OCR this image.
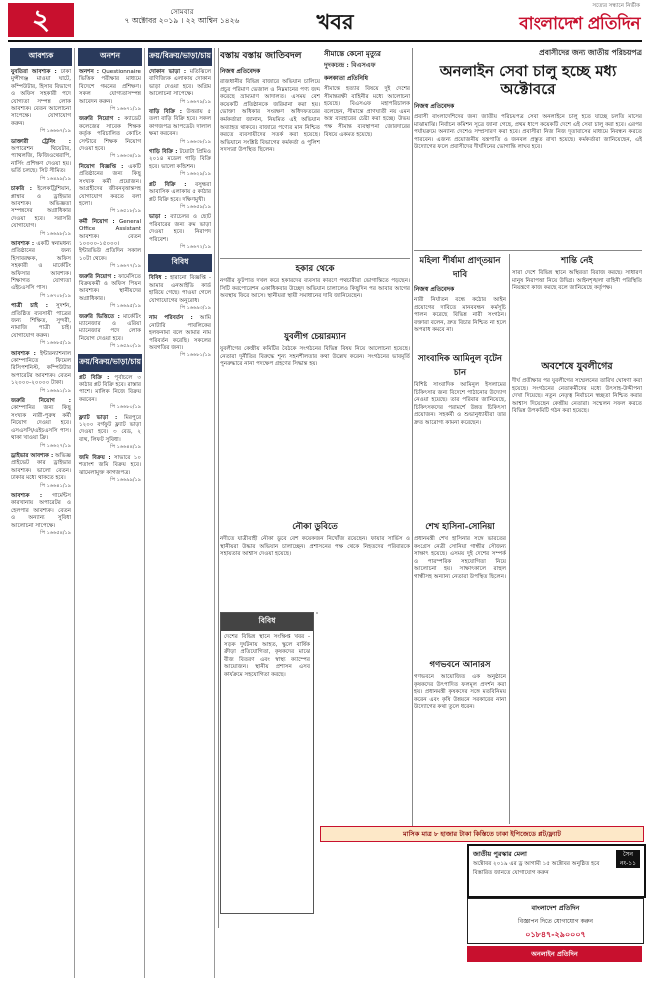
২	সোমবার
৭ অক্টোবর ২০১৯ । ২২ আশ্বিন ১৪২৬	খবর
সত্যের সন্ধানে নির্ভীক
বাংলাদেশ প্রতিদিন
আবশ্যক
যুবতিরা আবশ্যক : ঢাকা মুন্সীগঞ্জ মাওয়া ঘাটে, কম্পিউটার, হিসাব বিভাগে ও অফিস সহকারী পদে যোগ্যতা সম্পন্ন লোক আবশ্যক। বেতন আলোচনা সাপেক্ষে। যোগাযোগ করুন।
পি ১৬৬৬৭/১৯
ডাক্তারী ট্রেনিং : অপারেশন থিয়েটার, প্যাথলজি, ফিজিওথেরাপি, নার্সিং প্রশিক্ষণ দেওয়া হয়। ভর্তি চলছে। সিট সীমিত।
পি ১৬৪৯৯/১৯
চাকরি : ইলেকট্রিশিয়ান, প্লাম্বার ও ড্রাইভার আবশ্যক। অভিজ্ঞতা সম্পন্নদের অগ্রাধিকার দেওয়া হবে। সরাসরি যোগাযোগ।
পি ১৬৬৯৮/১৯
আবশ্যক : একটি স্বনামধন্য প্রতিষ্ঠানের জন্য হিসাবরক্ষক, অফিস সহকারী ও মার্কেটিং অফিসার আবশ্যক। শিক্ষাগত যোগ্যতা এইচএসসি পাস।
পি ১৬৭০৮/১৯
পাত্রী চাই : সুদর্শন, প্রতিষ্ঠিত ব্যবসায়ী পাত্রের জন্য শিক্ষিত, সুন্দরী, নামাজি পাত্রী চাই। যোগাযোগ করুন।
পি ১৬৬৮৫/১৯
আবশ্যক : ইন্টারন্যাশনাল কোম্পানিতে ফিমেল রিসিপশনিস্ট, কম্পিউটার অপারেটর আবশ্যক। বেতন ১২০০০-২০০০০ টাকা।
পি ১৬৬৯১/১৯
জরুরি নিয়োগ : কোম্পানির জন্য কিছু সংখ্যক নারী-পুরুষ কর্মী নিয়োগ দেওয়া হবে। এসএসসি/এইচএসসি পাস। থাকা খাওয়া ফ্রি।
পি ১৬৬২৭/১৯
ড্রাইভার আবশ্যক : অভিজ্ঞ প্রাইভেট কার ড্রাইভার আবশ্যক। ভালো বেতন। ঢাকার মধ্যে থাকতে হবে।
পি ১৬৬৪১/১৯
আবশ্যক : গার্মেন্টস কারখানায় অপারেটর ও হেলপার আবশ্যক। বেতন ও অন্যান্য সুবিধা আলোচনা সাপেক্ষে।
পি ১৬৬৫৪/১৯
অনশন
অনশন : Questionnaire ভিত্তিক পরীক্ষার মাধ্যমে বিদেশে গমনের প্রশিক্ষণ। সকল যোগ্যতাসম্পন্ন আবেদন করুন।
পি ১৬৬৭১/১৯
জরুরি নিয়োগ : ক্যাডেট কলেজের সাবেক শিক্ষক কর্তৃক পরিচালিত কোচিং সেন্টারে শিক্ষক নিয়োগ দেওয়া হবে।
পি ১৬৬৩৪/১৯
নিয়োগ বিজ্ঞপ্তি : একটি প্রতিষ্ঠানের জন্য কিছু সংখ্যক কর্মী প্রয়োজন। আগ্রহীদের জীবনবৃত্তান্তসহ যোগাযোগ করতে বলা হলো।
পি ১৬৫১৮/১৯
কর্মী নিয়োগ : General Office Assistant আবশ্যক। বেতন ১০০০০-১৫০০০। ইন্টারভিউ প্রতিদিন সকাল ১০টা থেকে।
পি ১৬৬৭৭/১৯
জরুরি নিয়োগ : ফার্মেসিতে বিক্রয়কর্মী ও অফিস পিয়ন আবশ্যক। স্থানীয়দের অগ্রাধিকার।
পি ১৬৬৯৫/১৯
জরুরি ভিত্তিতে : মার্কেটিং ম্যানেজার ও এরিয়া ম্যানেজার পদে লোক নিয়োগ দেওয়া হবে।
পি ১৬৫৯০/১৯
ক্রয়/বিক্রয়/ভাড়া/চায়
প্লট বিক্রি : পূর্বাচলে ৩ কাঠার প্লট বিক্রি হবে। রাস্তার পাশে। মালিক নিজে বিক্রয় করবেন।
পি ১৬৬৮০/১৯
ফ্ল্যাট ভাড়া : মিরপুরে ১২০০ বর্গফুট ফ্ল্যাট ভাড়া দেওয়া হবে। ৩ বেড, ২ বাথ, লিফট সুবিধা।
পি ১৬৬৪৪/১৯
জমি বিক্রয় : সাভারে ১০ শতাংশ জমি বিক্রয় হবে। ঝামেলামুক্ত কাগজপত্র।
পি ১৬৬৯৯/১৯
ক্রয়/বিক্রয়/ভাড়া/চায়
দোকান ভাড়া : মতিঝিলে বাণিজ্যিক এলাকায় দোকান ভাড়া দেওয়া হবে। অগ্রিম আলোচনা সাপেক্ষে।
পি ১৬৬৭৯/১৯
বাড়ি বিক্রি : উত্তরায় ৫ তলা বাড়ি বিক্রি হবে। সকল কাগজপত্র আপডেট। দালাল ক্ষমা করবেন।
পি ১৬৬৩৮/১৯
গাড়ি বিক্রি : টয়োটা প্রিমিও ২০১৪ মডেল গাড়ি বিক্রি হবে। ভালো কন্ডিশন।
পি ১৬৬২৯/১৯
প্লট বিক্রি : বসুন্ধরা আবাসিক এলাকায় ৫ কাঠার প্লট বিক্রি হবে। দক্ষিণমুখী।
পি ১৬৬৫৯/১৯
ভাড়া : ব্যাচেলর ও ছোট পরিবারের জন্য রুম ভাড়া দেওয়া হবে। নিরাপদ পরিবেশ।
পি ১৬৬৭২/১৯
বিবিধ
বিবিধ : হারানো বিজ্ঞপ্তি - আমার এনআইডি কার্ড হারিয়ে গেছে। পাওয়া গেলে যোগাযোগের অনুরোধ।
পি ১৬৬৯৩/১৯
নাম পরিবর্তন : আমি নোটারি পাবলিকের হলফনামা বলে আমার নাম পরিবর্তন করেছি। সকলের অবগতির জন্য।
পি ১৬৬৮১/১৯
বস্তায় বস্তায় জাতিবদল
নিজস্ব প্রতিবেদক
রাজধানীর বিভিন্ন বাজারে অভিযান চালিয়ে প্রচুর পরিমাণ ভেজাল ও নিম্নমানের পণ্য জব্দ করেছে ভ্রাম্যমাণ আদালত। এসময় বেশ কয়েকটি প্রতিষ্ঠানকে জরিমানা করা হয়। ভোক্তা অধিকার সংরক্ষণ অধিদফতরের কর্মকর্তারা জানান, নিয়মিত এই অভিযান অব্যাহত থাকবে। বাজারে পণ্যের মান নিশ্চিত করতে ব্যবসায়ীদের সতর্ক করা হয়েছে। অভিযানে সংশ্লিষ্ট বিভাগের কর্মকর্তা ও পুলিশ সদস্যরা উপস্থিত ছিলেন।
হকার থেকে
নগরীর ফুটপাত দখল করে হকারদের ব্যবসার কারণে পথচারীরা ভোগান্তিতে পড়ছেন। সিটি করপোরেশন একাধিকবার উচ্ছেদ অভিযান চালালেও কিছুদিন পর আবার আগের অবস্থায় ফিরে আসে। স্থানীয়রা স্থায়ী সমাধানের দাবি জানিয়েছেন।
যুবলীগ চেয়ারম্যান
যুবলীগের কেন্দ্রীয় কমিটির বৈঠকে সংগঠনের বিভিন্ন বিষয় নিয়ে আলোচনা হয়েছে। নেতারা দুর্নীতির বিরুদ্ধে শূন্য সহনশীলতার কথা উল্লেখ করেন। সংগঠনের ভাবমূর্তি পুনরুদ্ধারে নানা পদক্ষেপ গ্রহণের সিদ্ধান্ত হয়।
নৌকা ডুবিতে
নদীতে যাত্রীবাহী নৌকা ডুবে বেশ কয়েকজন নিখোঁজ রয়েছেন। ফায়ার সার্ভিস ও স্থানীয়রা উদ্ধার অভিযান চালাচ্ছেন। প্রশাসনের পক্ষ থেকে নিহতদের পরিবারকে সহায়তার আশ্বাস দেওয়া হয়েছে।
বিবিধ
দেশের বিভিন্ন স্থানে সংক্ষিপ্ত খবর - সড়ক দুর্ঘটনায় আহত, স্কুলে বার্ষিক ক্রীড়া প্রতিযোগিতা, কৃষকদের মাঝে বীজ বিতরণ এবং স্বাস্থ্য ক্যাম্পের আয়োজন। স্থানীয় প্রশাসন এসব কার্যক্রমে সহযোগিতা করছে।
সীমান্তে কেনো মৃত্যুর
দুদকচন্দ্র : বিএসএফ
কলকাতা প্রতিনিধি
সীমান্তে হত্যার বিষয়ে দুই দেশের সীমান্তরক্ষী বাহিনীর মধ্যে আলোচনা হয়েছে। বিএসএফ মহাপরিচালক বলেছেন, সীমান্তে প্রাণঘাতী নয় এমন অস্ত্র ব্যবহারের চেষ্টা করা হচ্ছে। উভয় পক্ষ সীমান্ত ব্যবস্থাপনা জোরদারের বিষয়ে একমত হয়েছে।
প্রবাসীদের জন্য জাতীয় পরিচয়পত্র
অনলাইন সেবা চালু হচ্ছে মধ্য অক্টোবরে
নিজস্ব প্রতিবেদক
প্রবাসী বাংলাদেশিদের জন্য জাতীয় পরিচয়পত্র সেবা অনলাইনে চালু হতে যাচ্ছে চলতি মাসের মাঝামাঝি। নির্বাচন কমিশন সূত্রে জানা গেছে, প্রথম ধাপে কয়েকটি দেশে এই সেবা চালু করা হবে। এরপর পর্যায়ক্রমে অন্যান্য দেশেও সম্প্রসারণ করা হবে। প্রবাসীরা নিজ নিজ দূতাবাসের মাধ্যমে নিবন্ধন করতে পারবেন। এজন্য প্রয়োজনীয় যন্ত্রপাতি ও জনবল প্রস্তুত রাখা হয়েছে। কর্মকর্তারা জানিয়েছেন, এই উদ্যোগের ফলে প্রবাসীদের দীর্ঘদিনের ভোগান্তি লাঘব হবে।
মহিলা শীর্ষামা প্রাণ্তয়ান দাবি
নিজস্ব প্রতিবেদক
নারী নির্যাতন বন্ধে কঠোর আইন প্রয়োগের দাবিতে মানববন্ধন কর্মসূচি পালন করেছে বিভিন্ন নারী সংগঠন। বক্তারা বলেন, দ্রুত বিচার নিশ্চিত না হলে অপরাধ কমবে না।
সাংবাদিক আমিনুল বৃটেন চান
বিশিষ্ট সাংবাদিক আমিনুল ইসলামের চিকিৎসার জন্য বিদেশে পাঠানোর উদ্যোগ নেওয়া হয়েছে। তার পরিবার জানিয়েছে, চিকিৎসকদের পরামর্শে উন্নত চিকিৎসা প্রয়োজন। সহকর্মী ও শুভানুধ্যায়ীরা তার দ্রুত আরোগ্য কামনা করেছেন।
শেখ হাসিনা-সোনিয়া
প্রধানমন্ত্রী শেখ হাসিনার সঙ্গে ভারতের কংগ্রেস নেত্রী সোনিয়া গান্ধীর সৌজন্য সাক্ষাৎ হয়েছে। এসময় দুই দেশের সম্পর্ক ও পারস্পরিক সহযোগিতা নিয়ে আলোচনা হয়। সাক্ষাৎকালে রাহুল গান্ধীসহ অন্যান্য নেতারা উপস্থিত ছিলেন।
গণভবনে আনারস
গণভবনে আয়োজিত এক অনুষ্ঠানে কৃষকদের উৎপাদিত ফলমূল প্রদর্শন করা হয়। প্রধানমন্ত্রী কৃষকদের সঙ্গে মতবিনিময় করেন এবং কৃষি উন্নয়নে সরকারের নানা উদ্যোগের কথা তুলে ধরেন।
শান্তি নেই
সারা দেশে বিভিন্ন স্থানে অস্থিরতা বিরাজ করছে। সাধারণ মানুষ নিরাপত্তা নিয়ে উদ্বিগ্ন। আইনশৃঙ্খলা বাহিনী পরিস্থিতি নিয়ন্ত্রণে কাজ করছে বলে জানিয়েছে কর্তৃপক্ষ।
অবশেষে যুবলীগের
দীর্ঘ প্রতীক্ষার পর যুবলীগের সম্মেলনের তারিখ ঘোষণা করা হয়েছে। সংগঠনের নেতাকর্মীদের মধ্যে উৎসাহ-উদ্দীপনা দেখা দিয়েছে। নতুন নেতৃত্ব নির্বাচনে স্বচ্ছতা নিশ্চিত করার আশ্বাস দিয়েছেন কেন্দ্রীয় নেতারা। সম্মেলন সফল করতে বিভিন্ন উপকমিটি গঠন করা হয়েছে।
মাসিক মাত্র ৮ হাজার টাকা কিস্তিতে ঢাকা ইপিজেডে প্লট/ফ্ল্যাট
জাতীয় পুরস্কার মেলা
অক্টোবর ২০১৯ এর ড্র আগামী ১৫ অক্টোবর অনুষ্ঠিত হবে
বিস্তারিত জানতে যোগাযোগ করুন
সৈন নং-১১
বাংলাদেশ প্রতিদিন
বিজ্ঞাপন দিতে যোগাযোগ করুন
০১৮৪৭-২৯০০০৭
অনলাইন প্রতিদিন
